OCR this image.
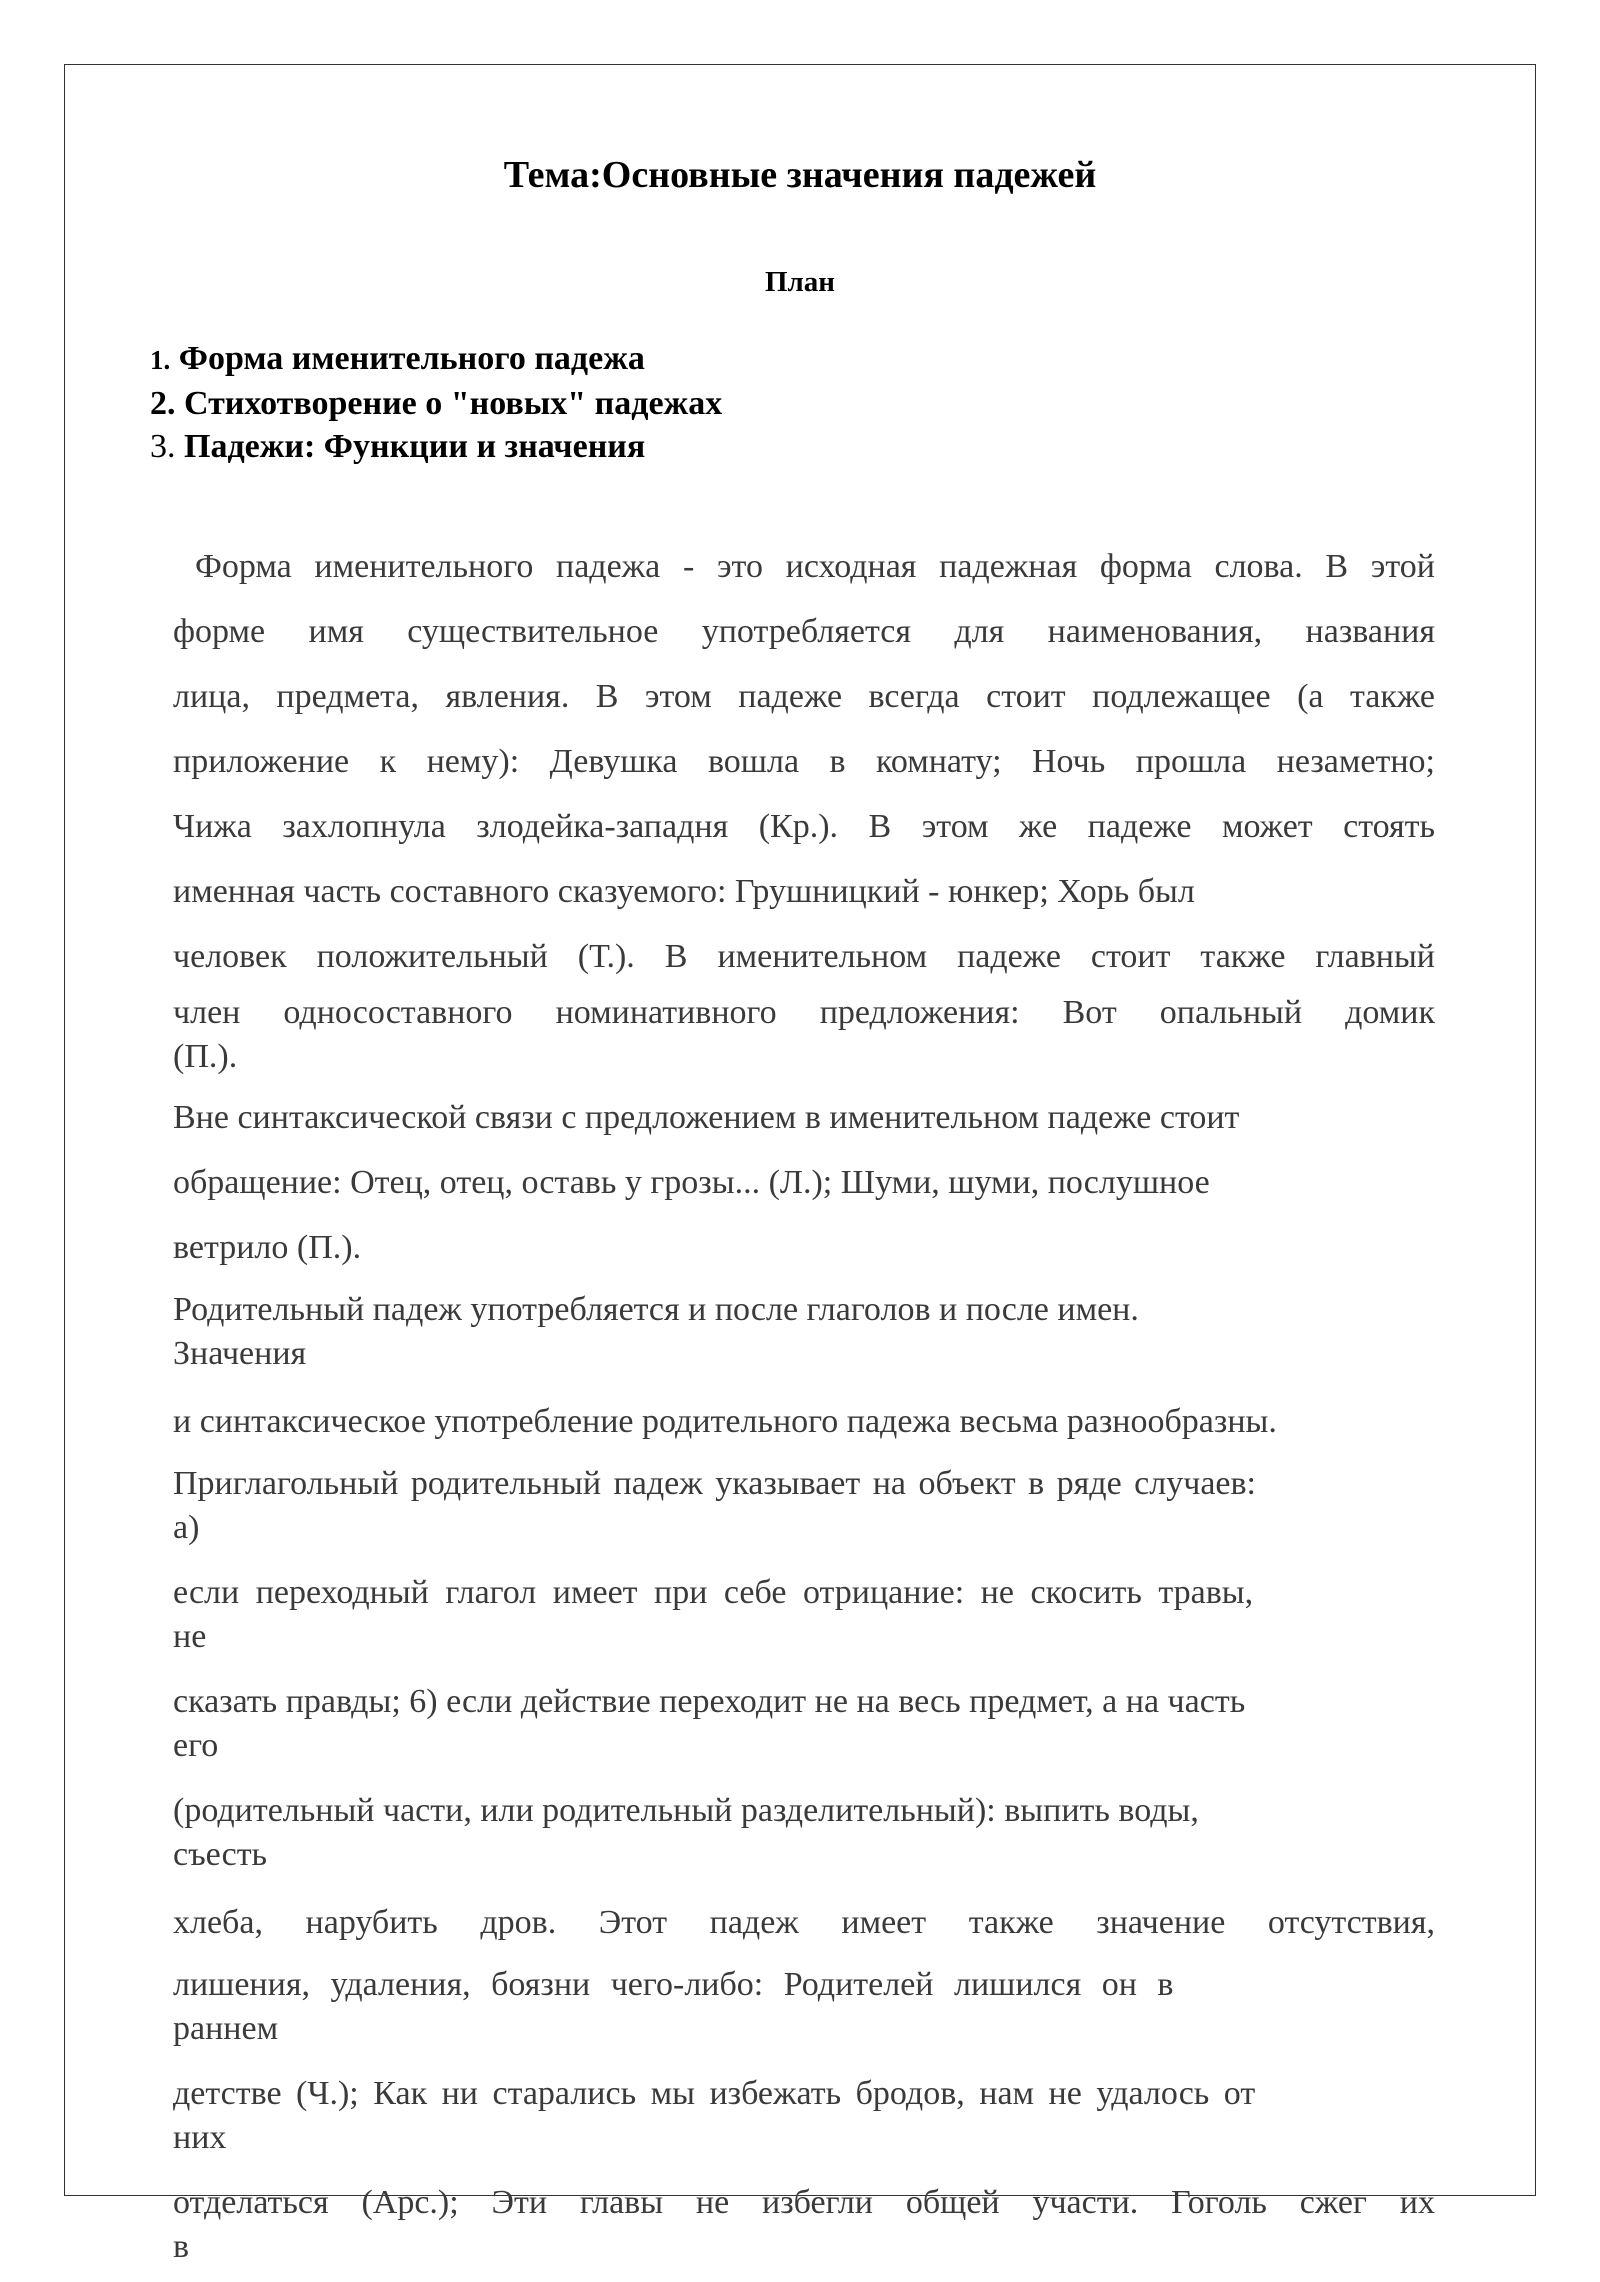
Тема:Основные значения падежей
План
1. Форма именительного падежа
2. Стихотворение о "новых" падежах
3. Падежи: Функции и значения

Форма именительного падежа - это исходная падежная форма слова. В этой

форме имя существительное употребляется для наименования, названия

лица, предмета, явления. В этом падеже всегда стоит подлежащее (а также

приложение к нему): Девушка вошла в комнату; Ночь прошла незаметно;

Чижа захлопнула злодейка-западня (Кр.). В этом же падеже может стоять

именная часть составного сказуемого: Грушницкий - юнкер; Хорь был

человек положительный (Т.). В именительном падеже стоит также главный

член односоставного номинативного предложения: Вот опальный домик
(П.).

Вне синтаксической связи с предложением в именительном падеже стоит

обращение: Отец, отец, оставь у грозы... (Л.); Шуми, шуми, послушное

ветрило (П.).

Родительный падеж употребляется и после глаголов и после имен.
Значения

и синтаксическое употребление родительного падежа весьма разнообразны.

Приглагольный родительный падеж указывает на объект в ряде случаев:
а)

если переходный глагол имеет при себе отрицание: не скосить травы,
не

сказать правды; 6) если действие переходит не на весь предмет, а на часть
его

(родительный части, или родительный разделительный): выпить воды,
съесть

хлеба, нарубить дров. Этот падеж имеет также значение отсутствия,

лишения, удаления, боязни чего-либо: Родителей лишился он в
раннем

детстве (Ч.); Как ни старались мы избежать бродов, нам не удалось от
них

отделаться (Арс.); Эти главы не избегли общей участи. Гоголь сжег их
в
